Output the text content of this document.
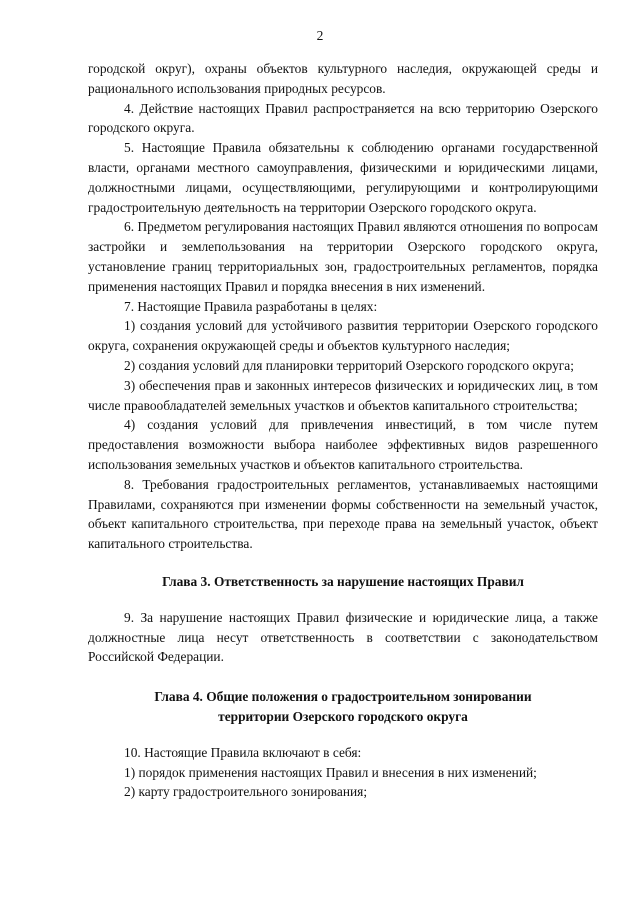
2

городской округ), охраны объектов культурного наследия, окружающей среды и рационального использования природных ресурсов.

4. Действие настоящих Правил распространяется на всю территорию Озерского городского округа.

5. Настоящие Правила обязательны к соблюдению органами государственной власти, органами местного самоуправления, физическими и юридическими лицами, должностными лицами, осуществляющими, регулирующими и контролирующими градостроительную деятельность на территории Озерского городского округа.

6. Предметом регулирования настоящих Правил являются отношения по вопросам застройки и землепользования на территории Озерского городского округа, установление границ территориальных зон, градостроительных регламентов, порядка применения настоящих Правил и порядка внесения в них изменений.

7. Настоящие Правила разработаны в целях:

1) создания условий для устойчивого развития территории Озерского городского округа, сохранения окружающей среды и объектов культурного наследия;

2) создания условий для планировки территорий Озерского городского округа;

3) обеспечения прав и законных интересов физических и юридических лиц, в том числе правообладателей земельных участков и объектов капитального строительства;

4) создания условий для привлечения инвестиций, в том числе путем предоставления возможности выбора наиболее эффективных видов разрешенного использования земельных участков и объектов капитального строительства.

8. Требования градостроительных регламентов, устанавливаемых настоящими Правилами, сохраняются при изменении формы собственности на земельный участок, объект капитального строительства, при переходе права на земельный участок, объект капитального строительства.

Глава 3. Ответственность за нарушение настоящих Правил

9. За нарушение настоящих Правил физические и юридические лица, а также должностные лица несут ответственность в соответствии с законодательством Российской Федерации.

Глава 4. Общие положения о градостроительном зонировании

территории Озерского городского округа

10. Настоящие Правила включают в себя:

1) порядок применения настоящих Правил и внесения в них изменений;

2) карту градостроительного зонирования;
